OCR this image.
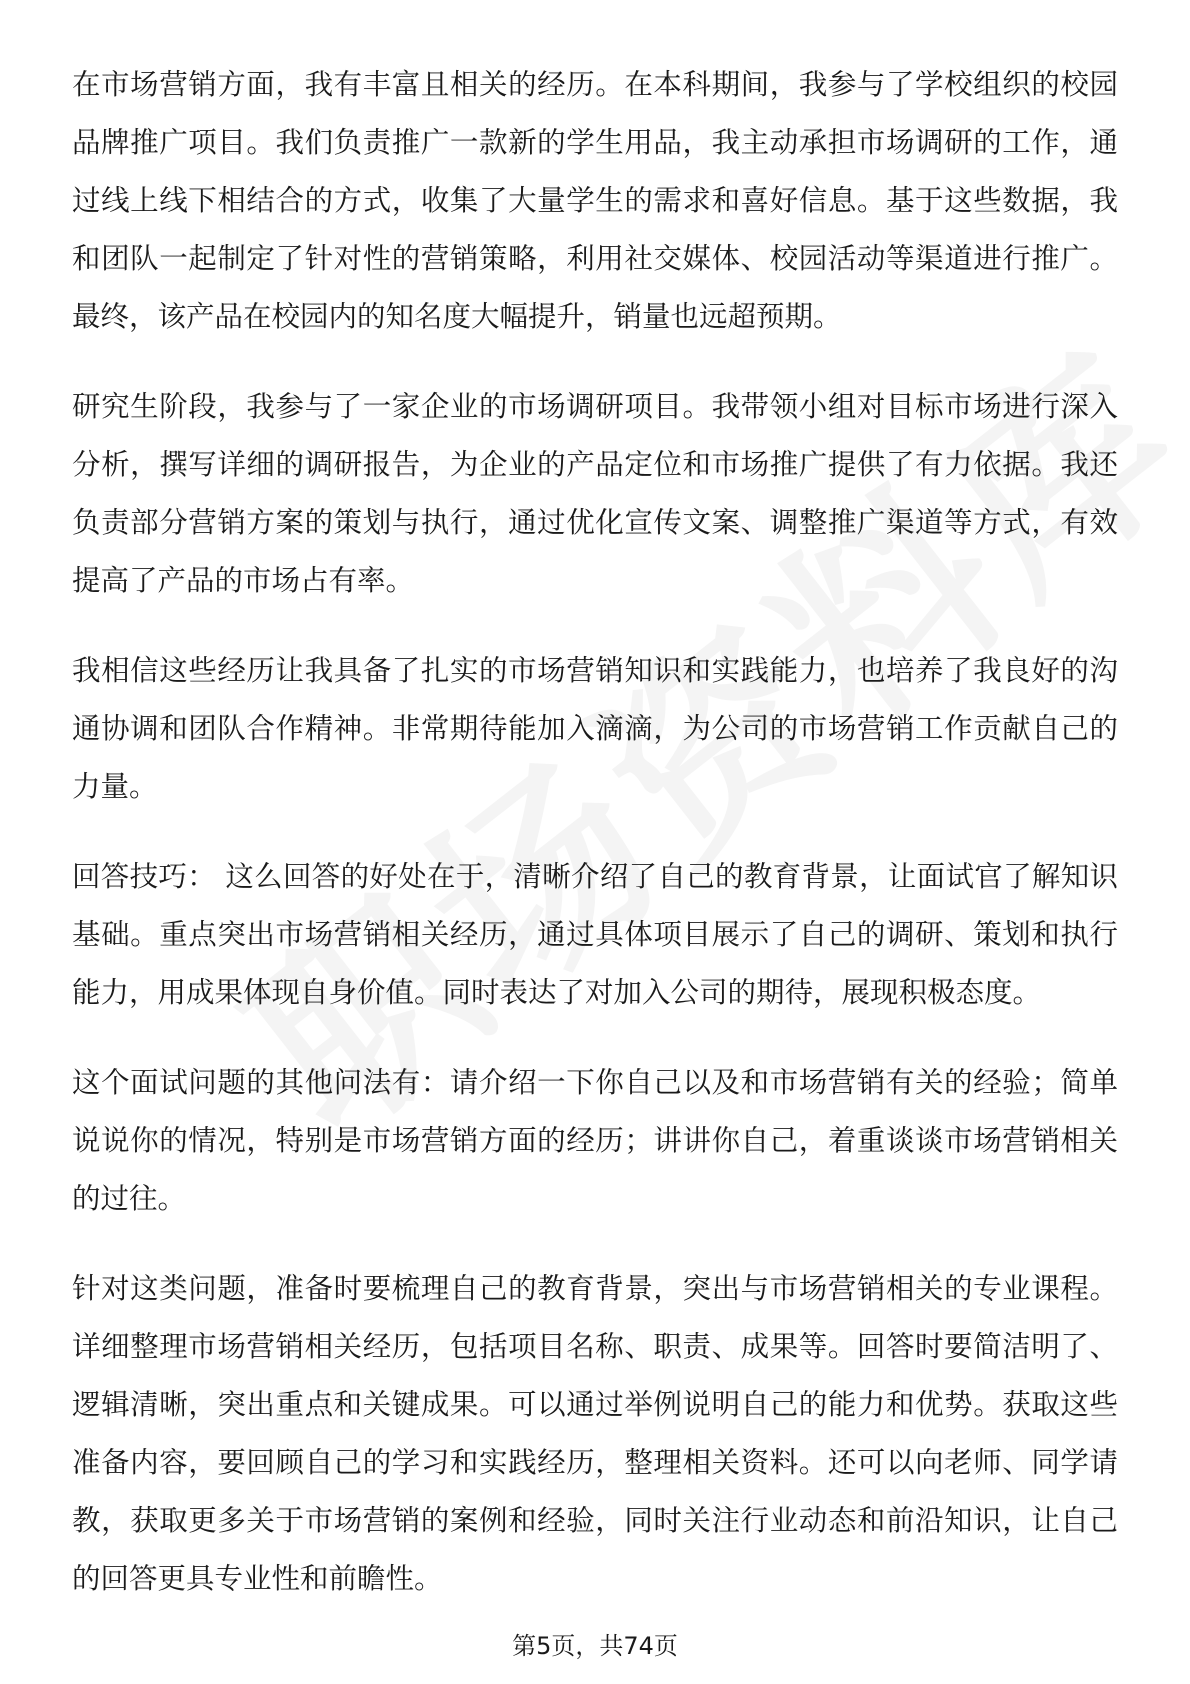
在市场营销方面，我有丰富且相关的经历。在本科期间，我参与了学校组织的校园品牌推广项目。我们负责推广一款新的学生用品，我主动承担市场调研的工作，通过线上线下相结合的方式，收集了大量学生的需求和喜好信息。基于这些数据，我和团队一起制定了针对性的营销策略，利用社交媒体、校园活动等渠道进行推广。最终，该产品在校园内的知名度大幅提升，销量也远超预期。

研究生阶段，我参与了一家企业的市场调研项目。我带领小组对目标市场进行深入分析，撰写详细的调研报告，为企业的产品定位和市场推广提供了有力依据。我还负责部分营销方案的策划与执行，通过优化宣传文案、调整推广渠道等方式，有效提高了产品的市场占有率。

我相信这些经历让我具备了扎实的市场营销知识和实践能力，也培养了我良好的沟通协调和团队合作精神。非常期待能加入滴滴，为公司的市场营销工作贡献自己的力量。

回答技巧： 这么回答的好处在于，清晰介绍了自己的教育背景，让面试官了解知识基础。重点突出市场营销相关经历，通过具体项目展示了自己的调研、策划和执行能力，用成果体现自身价值。同时表达了对加入公司的期待，展现积极态度。

这个面试问题的其他问法有：请介绍一下你自己以及和市场营销有关的经验；简单说说你的情况，特别是市场营销方面的经历；讲讲你自己，着重谈谈市场营销相关的过往。

针对这类问题，准备时要梳理自己的教育背景，突出与市场营销相关的专业课程。详细整理市场营销相关经历，包括项目名称、职责、成果等。回答时要简洁明了、逻辑清晰，突出重点和关键成果。可以通过举例说明自己的能力和优势。获取这些准备内容，要回顾自己的学习和实践经历，整理相关资料。还可以向老师、同学请教，获取更多关于市场营销的案例和经验，同时关注行业动态和前沿知识，让自己的回答更具专业性和前瞻性。

第5页，共74页
